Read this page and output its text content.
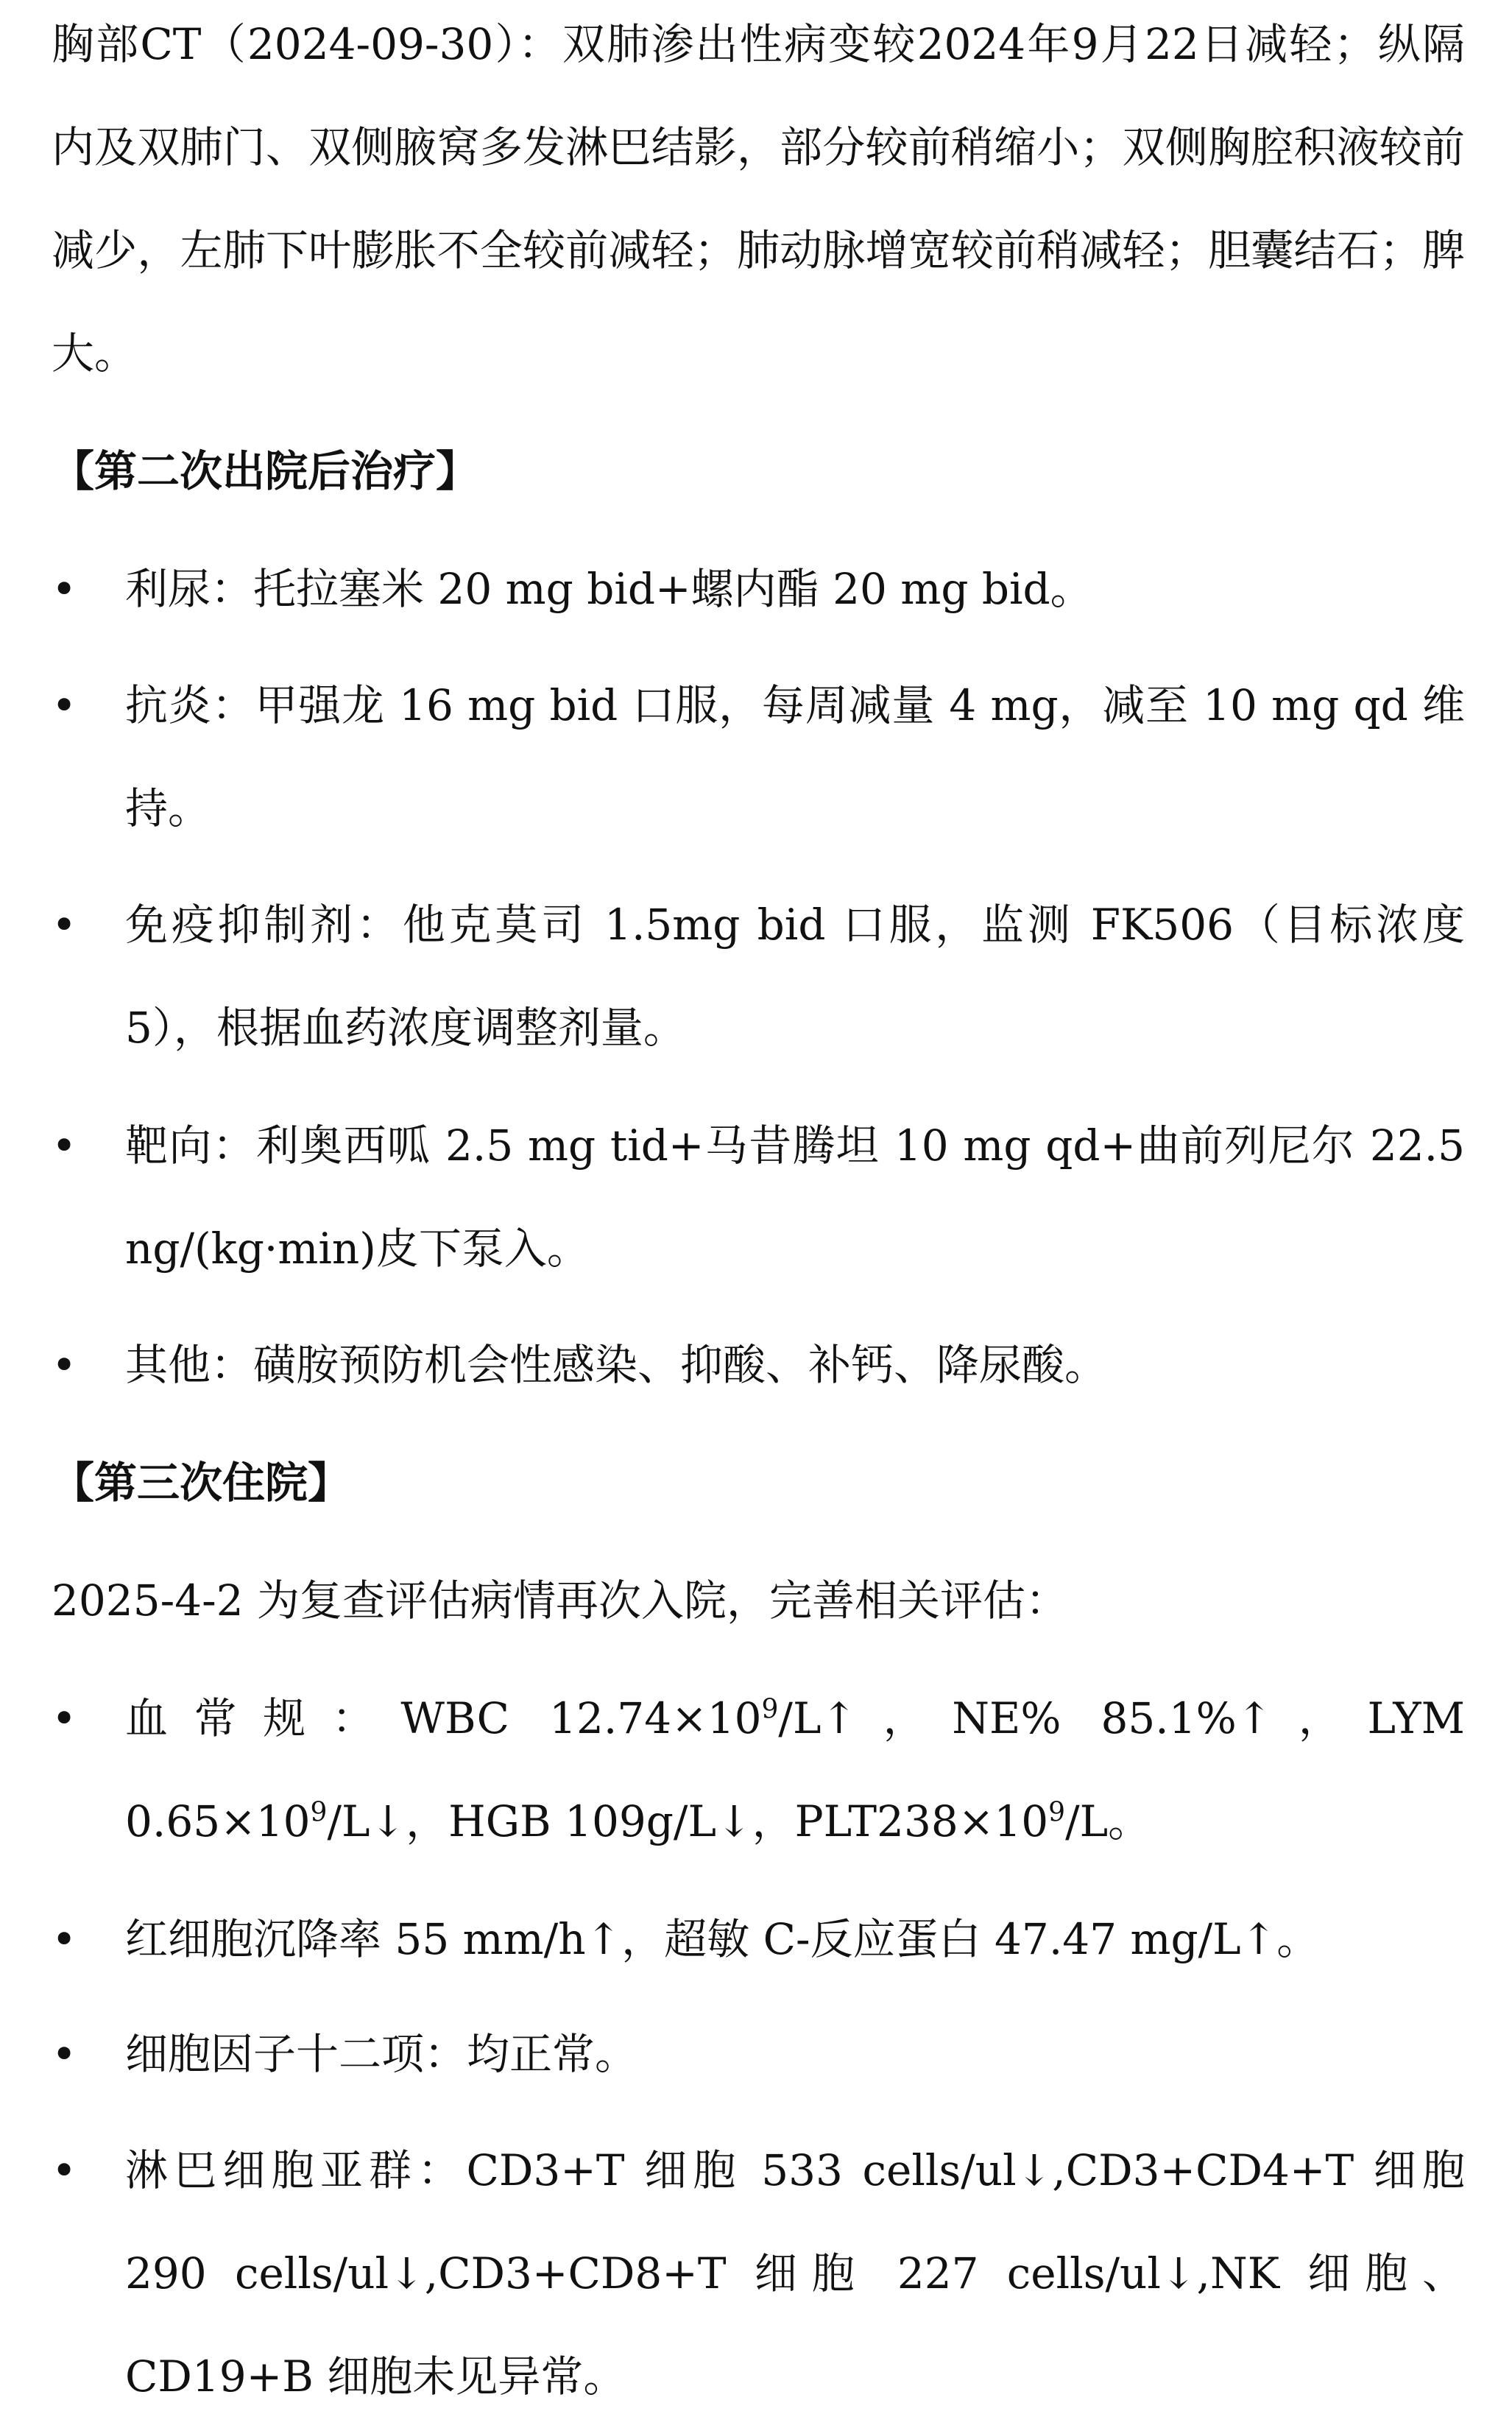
胸部CT（2024-09-30）：双肺渗出性病变较2024年9月22日减轻；纵隔内及双肺门、双侧腋窝多发淋巴结影，部分较前稍缩小；双侧胸腔积液较前减少，左肺下叶膨胀不全较前减轻；肺动脉增宽较前稍减轻；胆囊结石；脾大。
【第二次出院后治疗】
•	利尿：托拉塞米 20 mg bid+螺内酯 20 mg bid。
•	抗炎：甲强龙 16 mg bid 口服，每周减量 4 mg，减至 10 mg qd 维持。
•	免疫抑制剂：他克莫司 1.5mg bid 口服，监测 FK506（目标浓度 5），根据血药浓度调整剂量。
•	靶向：利奥西呱 2.5 mg tid+马昔腾坦 10 mg qd+曲前列尼尔 22.5 ng/(kg·min)皮下泵入。
•	其他：磺胺预防机会性感染、抑酸、补钙、降尿酸。
【第三次住院】
2025-4-2 为复查评估病情再次入院，完善相关评估：
•	血常规：WBC $12.74\times 10^9/L↑$，NE% 85.1%↑，LYM $0.65\times 10^9/L↓$，HGB 109g/L↓，$PLT238\times 10^9/L$。
•	红细胞沉降率 55 mm/h↑，超敏 C-反应蛋白 47.47 mg/L↑。
•	细胞因子十二项：均正常。
•	淋巴细胞亚群：CD3+T 细胞 533 cells/ul↓,CD3+CD4+T 细胞 290 cells/ul↓,CD3+CD8+T 细胞 227 cells/ul↓,NK 细胞、CD19+B 细胞未见异常。
